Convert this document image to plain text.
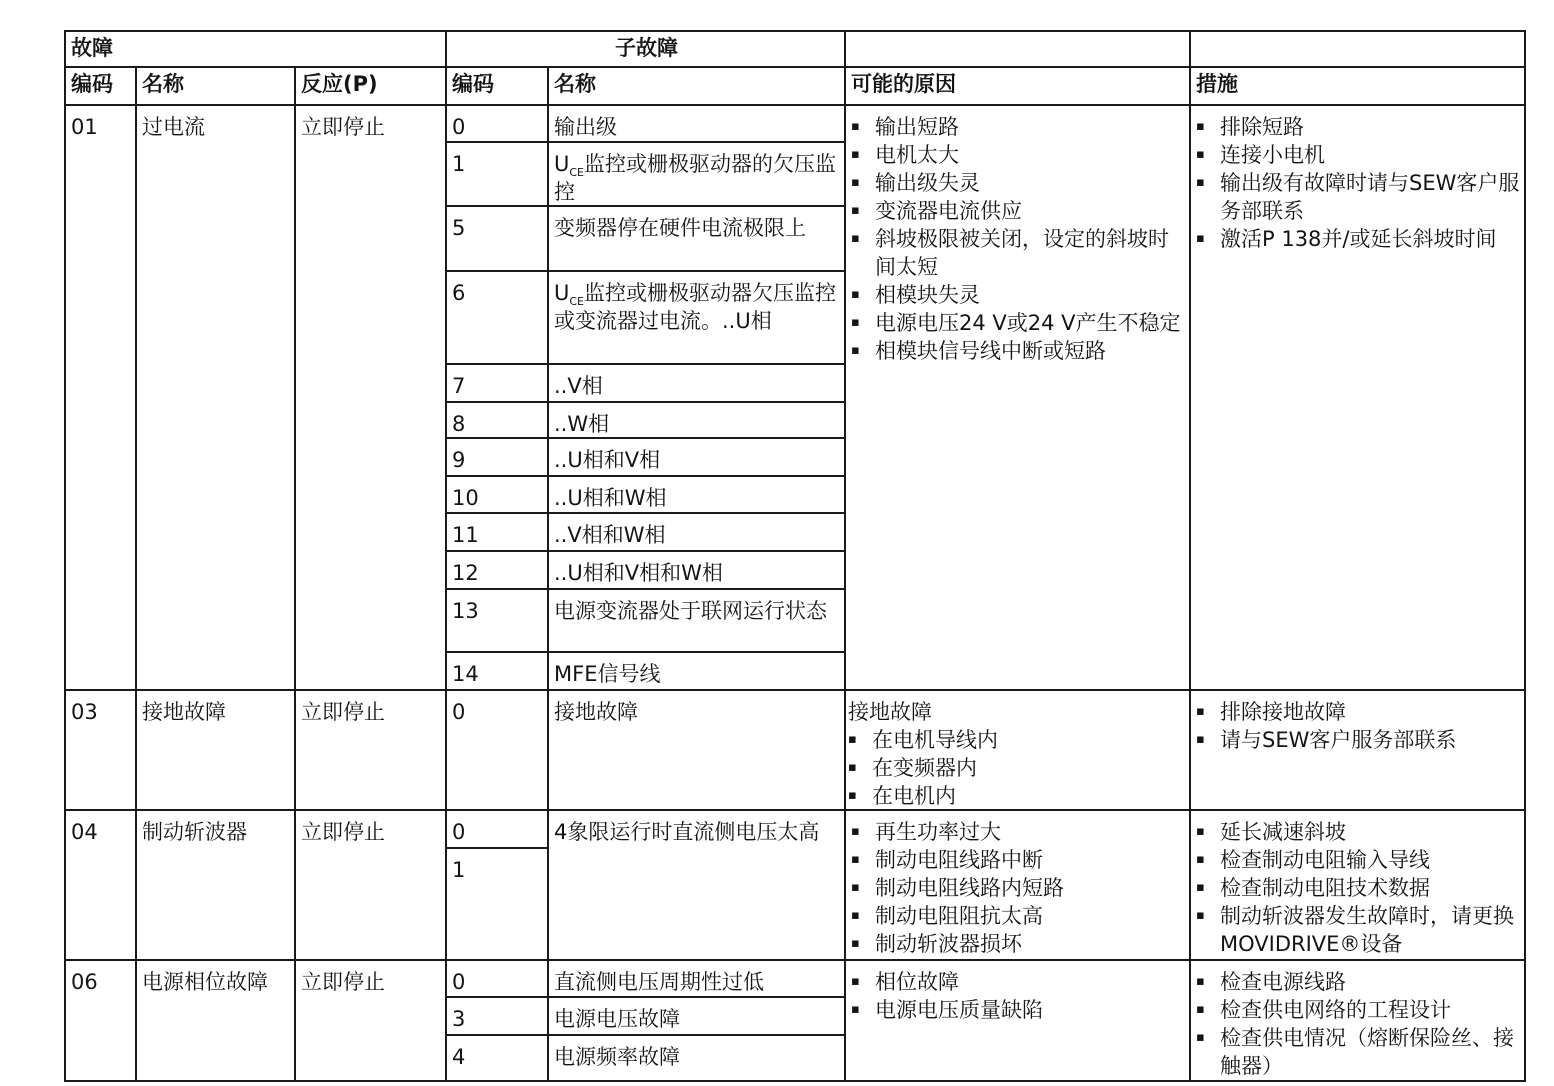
故障	子故障
编码	名称	反应(P)	编码	名称	可能的原因	措施
01	过电流	立即停止	0	输出级
1	$U_{CE}$监控或栅极驱动器的欠压监控
5	变频器停在硬件电流极限上
6	$U_{CE}$监控或栅极驱动器欠压监控或变流器过电流。..U相
7	..V相
8	..W相
9	..U相和V相
10	..U相和W相
11	..V相和W相
12	..U相和V相和W相
13	电源变流器处于联网运行状态
14	MFE信号线
▪ 输出短路
▪ 电机太大
▪ 输出级失灵
▪ 变流器电流供应
▪ 斜坡极限被关闭，设定的斜坡时间太短
▪ 相模块失灵
▪ 电源电压24 V或24 V产生不稳定
▪ 相模块信号线中断或短路
▪ 排除短路
▪ 连接小电机
▪ 输出级有故障时请与SEW客户服务部联系
▪ 激活P 138并/或延长斜坡时间
03	接地故障	立即停止	0	接地故障	接地故障

▪ 在电机导线内
▪ 在变频器内
▪ 在电机内
▪ 排除接地故障
▪ 请与SEW客户服务部联系
04	制动斩波器	立即停止	0
1
4象限运行时直流侧电压太高
▪	再生功率过大
▪ 制动电阻线路中断
▪ 制动电阻线路内短路
▪ 制动电阻阻抗太高
▪ 制动斩波器损坏
▪ 延长减速斜坡
▪ 检查制动电阻输入导线
▪ 检查制动电阻技术数据
▪ 制动斩波器发生故障时，请更换MOVIDRIVE®设备
06	电源相位故障	立即停止	0	直流侧电压周期性过低
3	电源电压故障
4	电源频率故障
▪ 相位故障
▪ 电源电压质量缺陷
▪ 检查电源线路
▪ 检查供电网络的工程设计
▪ 检查供电情况（熔断保险丝、接触器）
